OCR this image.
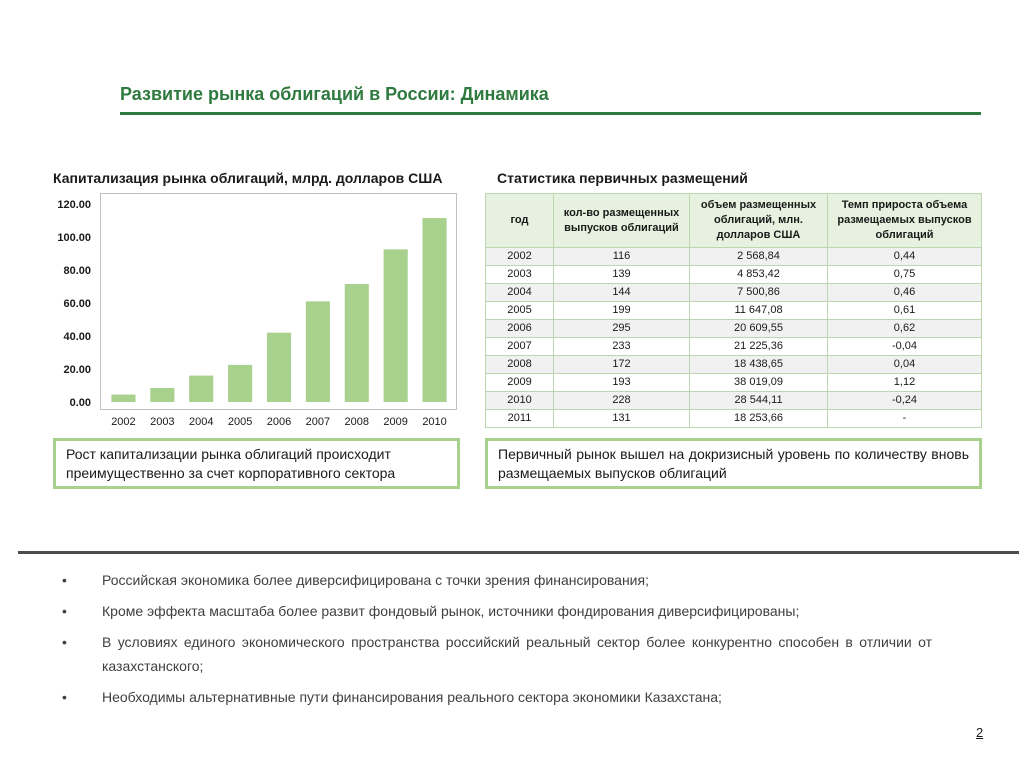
Развитие рынка облигаций в России: Динамика
Капитализация рынка облигаций, млрд. долларов США	Статистика первичных размещений
0.00
20.00
40.00
60.00
80.00
100.00
120.00
2002 2003 2004 2005 2006 2007 2008 2009 2010
год	кол-во размещенных выпусков облигаций	объем размещенных облигаций, млн. долларов США	Темп прироста объема размещаемых выпусков облигаций
2002	116	2 568,84	0,44
2003	139	4 853,42	0,75
2004	144	7 500,86	0,46
2005	199	11 647,08	0,61
2006	295	20 609,55	0,62
2007	233	21 225,36	-0,04
2008	172	18 438,65	0,04
2009	193	38 019,09	1,12
2010	228	28 544,11	-0,24
2011	131	18 253,66	-
Рост капитализации рынка облигаций происходит преимущественно за счет корпоративного сектора
Первичный рынок вышел на докризисный уровень по количеству вновь размещаемых выпусков облигаций
•	Российская экономика более диверсифицирована с точки зрения финансирования;
•	Кроме эффекта масштаба более развит фондовый рынок, источники фондирования диверсифицированы;
•	В условиях единого экономического пространства российский реальный сектор более конкурентно способен в отличии от казахстанского;
•	Необходимы альтернативные пути финансирования реального сектора экономики Казахстана;
2
